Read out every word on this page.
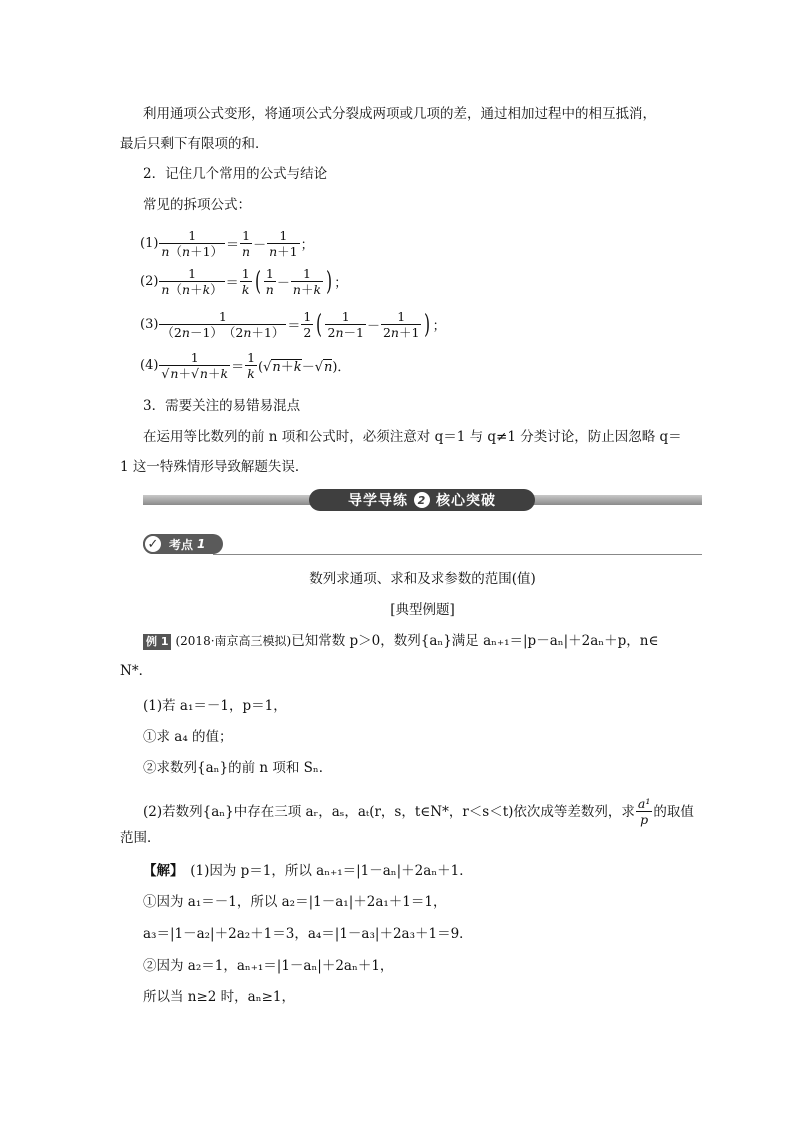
利用通项公式变形，将通项公式分裂成两项或几项的差，通过相加过程中的相互抵消，
最后只剩下有限项的和．
2．记住几个常用的公式与结论
常见的拆项公式：
$(1) \frac{1}{n(n+1)} = \frac{1}{n} - \frac{1}{n+1}$ ；
$(2) \frac{1}{n(n+k)} = \frac{1}{k}$ ( $\frac{1}{n} - \frac{1}{n+k}$ ) ；
$(3) \frac{1}{(2n-1) (2n+1)} = \frac{1}{2}$ ( $\frac{1}{2n-1} - \frac{1}{2n+1}$ ) ；
$(4) \frac{1}{√n+√n+k} = \frac{1}{k} (√n+k-√n)$．
3．需要关注的易错易混点
在运用等比数列的前 n 项和公式时，必须注意对 q＝1 与 q≠1 分类讨论，防止因忽略 q＝
1 这一特殊情形导致解题失误．
导学导练 2 核心突破
✓ 考点 1
数列求通项、求和及求参数的范围(值)
[典型例题]
例 1 (2018·南京高三模拟)已知常数 p＞0，数列{aₙ}满足 aₙ₊₁＝|p－aₙ|＋2aₙ＋p，n∈
N*．
(1)若 a₁＝－1，p＝1，
①求 a₄ 的值；
②求数列{aₙ}的前 n 项和 Sₙ．
(2)若数列{aₙ}中存在三项 aᵣ，aₛ，aₜ(r，s，t∈N*，r＜s＜t)依次成等差数列，求 $\frac{\text{a¹}}{p}$ 的取值
范围．
【解】　 (1)因为 p＝1，所以 aₙ₊₁＝|1－aₙ|＋2aₙ＋1．
①因为 a₁＝－1，所以 a₂＝|1－a₁|＋2a₁＋1＝1，
a₃＝|1－a₂|＋2a₂＋1＝3，a₄＝|1－a₃|＋2a₃＋1＝9．
②因为 a₂＝1，aₙ₊₁＝|1－aₙ|＋2aₙ＋1，
所以当 n≥2 时，aₙ≥1，
